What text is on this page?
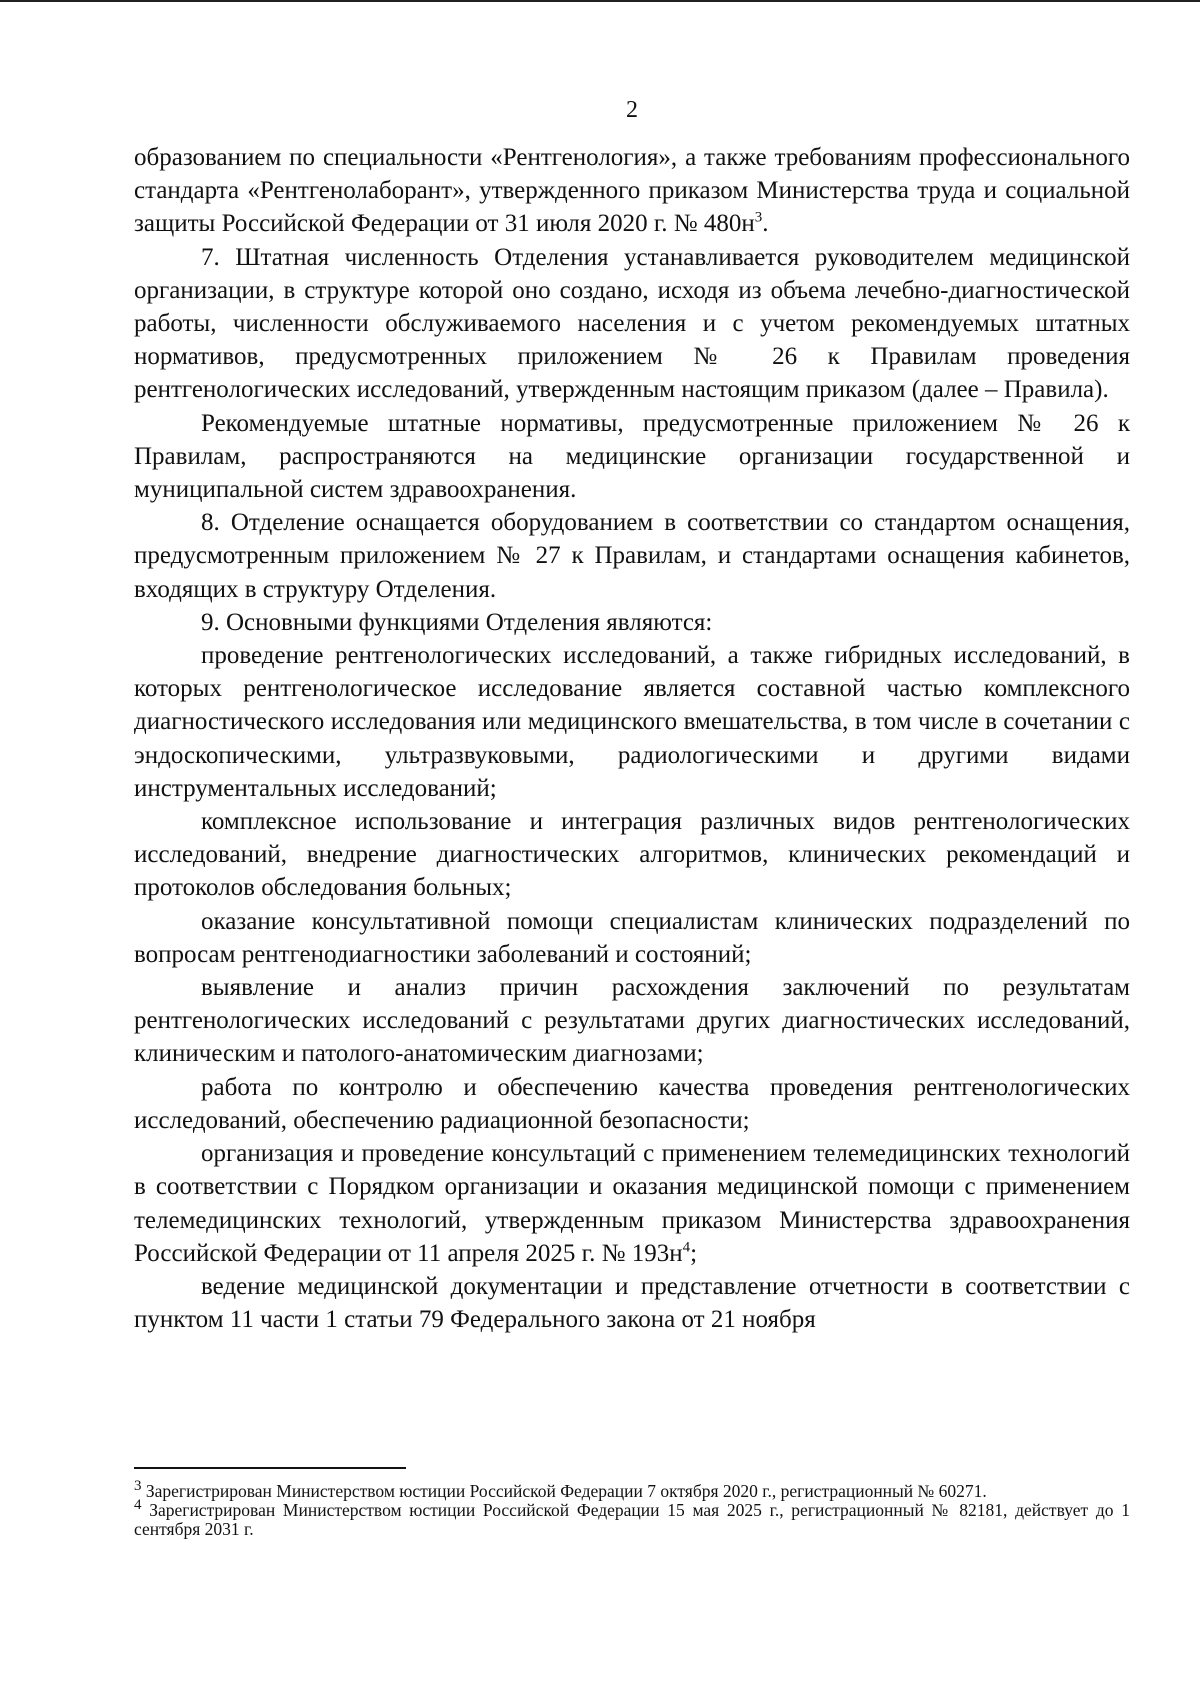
2

образованием по специальности «Рентгенология», а также требованиям профессионального стандарта «Рентгенолаборант», утвержденного приказом Министерства труда и социальной защиты Российской Федерации от 31 июля 2020 г. № $480н^3$.

7. Штатная численность Отделения устанавливается руководителем медицинской организации, в структуре которой оно создано, исходя из объема лечебно-диагностической работы, численности обслуживаемого населения и с учетом рекомендуемых штатных нормативов, предусмотренных приложением № 26 к Правилам проведения рентгенологических исследований, утвержденным настоящим приказом (далее – Правила).

Рекомендуемые штатные нормативы, предусмотренные приложением № 26 к Правилам, распространяются на медицинские организации государственной и муниципальной систем здравоохранения.

8. Отделение оснащается оборудованием в соответствии со стандартом оснащения, предусмотренным приложением № 27 к Правилам, и стандартами оснащения кабинетов, входящих в структуру Отделения.

9. Основными функциями Отделения являются:

проведение рентгенологических исследований, а также гибридных исследований, в которых рентгенологическое исследование является составной частью комплексного диагностического исследования или медицинского вмешательства, в том числе в сочетании с эндоскопическими, ультразвуковыми, радиологическими и другими видами инструментальных исследований;

комплексное использование и интеграция различных видов рентгенологических исследований, внедрение диагностических алгоритмов, клинических рекомендаций и протоколов обследования больных;

оказание консультативной помощи специалистам клинических подразделений по вопросам рентгенодиагностики заболеваний и состояний;

выявление и анализ причин расхождения заключений по результатам рентгенологических исследований с результатами других диагностических исследований, клиническим и патолого-анатомическим диагнозами;

работа по контролю и обеспечению качества проведения рентгенологических исследований, обеспечению радиационной безопасности;

организация и проведение консультаций с применением телемедицинских технологий в соответствии с Порядком организации и оказания медицинской помощи с применением телемедицинских технологий, утвержденным приказом Министерства здравоохранения Российской Федерации от 11 апреля 2025 г. № $193н^4$;

ведение медицинской документации и представление отчетности в соответствии с пунктом 11 части 1 статьи 79 Федерального закона от 21 ноября

$^3$ Зарегистрирован Министерством юстиции Российской Федерации 7 октября 2020 г., регистрационный № 60271.

$^4$ Зарегистрирован Министерством юстиции Российской Федерации 15 мая 2025 г., регистрационный № 82181, действует до 1 сентября 2031 г.
